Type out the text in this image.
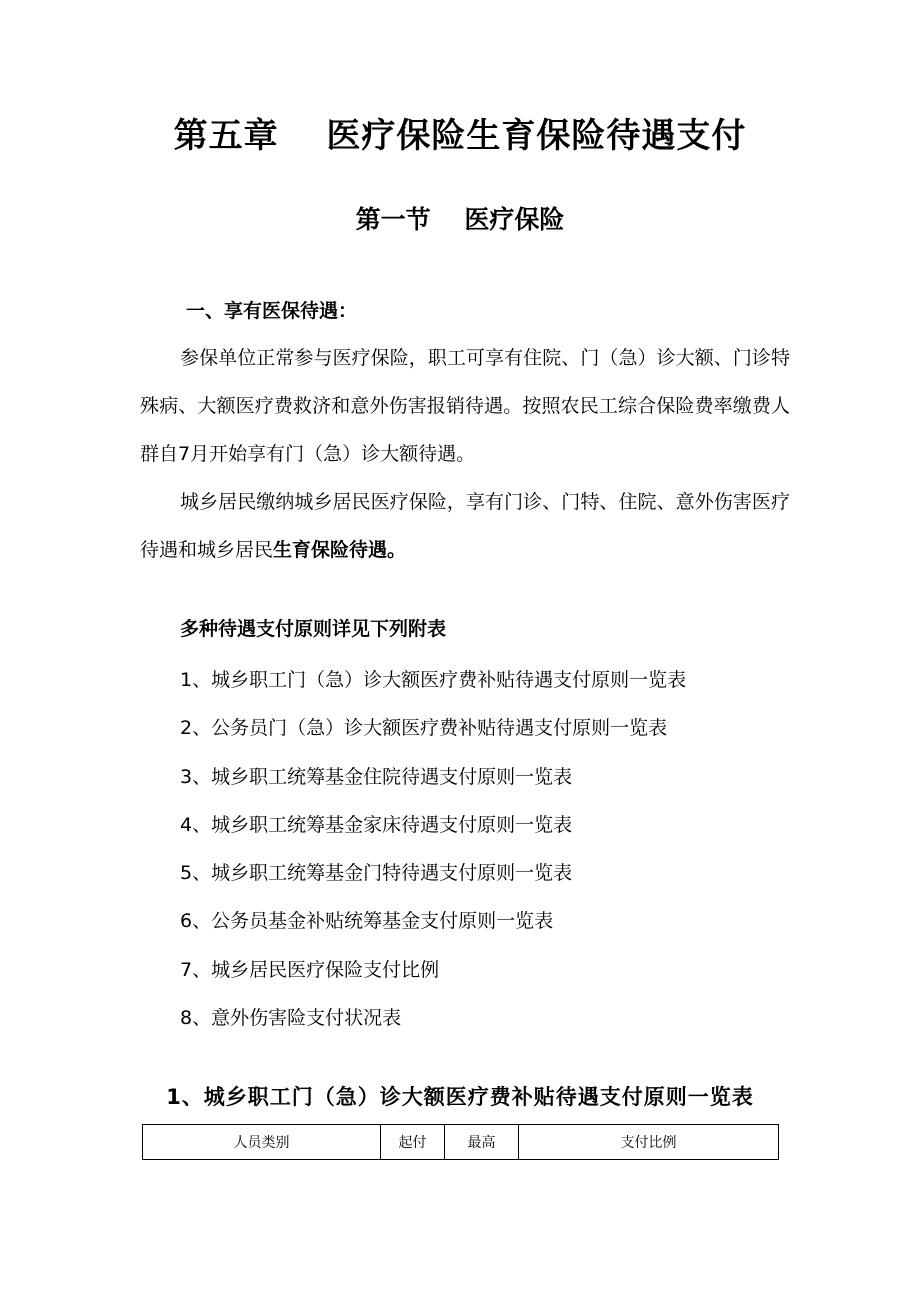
第五章　 医疗保险生育保险待遇支付
第一节　 医疗保险
一、享有医保待遇：
参保单位正常参与医疗保险，职工可享有住院、门（急）诊大额、门诊特殊病、大额医疗费救济和意外伤害报销待遇。按照农民工综合保险费率缴费人群自7月开始享有门（急）诊大额待遇。
城乡居民缴纳城乡居民医疗保险，享有门诊、门特、住院、意外伤害医疗待遇和城乡居民生育保险待遇。
多种待遇支付原则详见下列附表
1、城乡职工门（急）诊大额医疗费补贴待遇支付原则一览表
2、公务员门（急）诊大额医疗费补贴待遇支付原则一览表
3、城乡职工统筹基金住院待遇支付原则一览表
4、城乡职工统筹基金家床待遇支付原则一览表
5、城乡职工统筹基金门特待遇支付原则一览表
6、公务员基金补贴统筹基金支付原则一览表
7、城乡居民医疗保险支付比例
8、意外伤害险支付状况表
1、城乡职工门（急）诊大额医疗费补贴待遇支付原则一览表
人员类别	起付	最高	支付比例
